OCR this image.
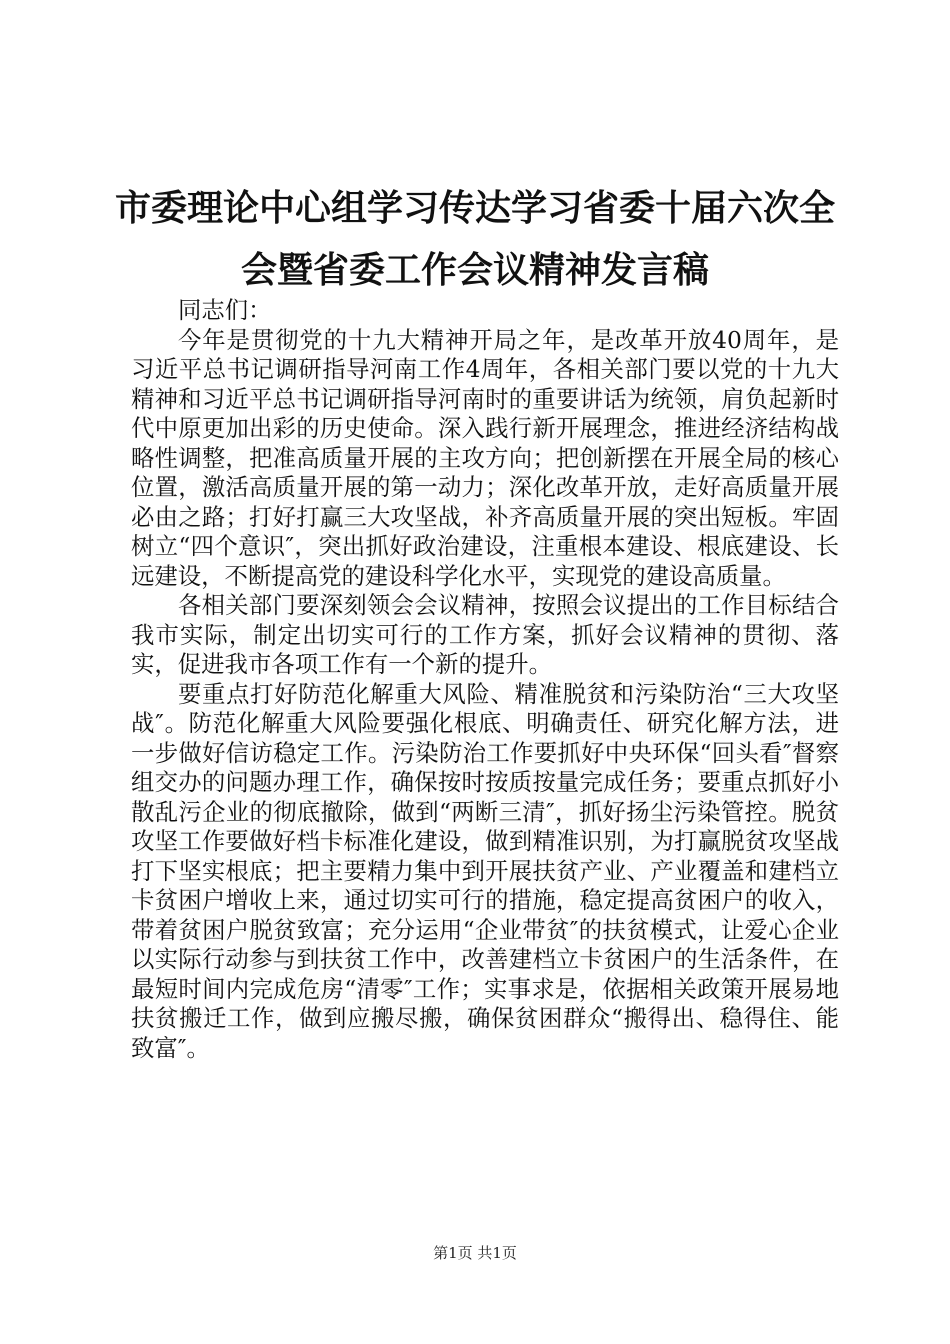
市委理论中心组学习传达学习省委十届六次全会暨省委工作会议精神发言稿

同志们：

今年是贯彻党的十九大精神开局之年，是改革开放40周年，是习近平总书记调研指导河南工作4周年，各相关部门要以党的十九大精神和习近平总书记调研指导河南时的重要讲话为统领，肩负起新时代中原更加出彩的历史使命。深入践行新开展理念，推进经济结构战略性调整，把准高质量开展的主攻方向；把创新摆在开展全局的核心位置，激活高质量开展的第一动力；深化改革开放，走好高质量开展必由之路；打好打赢三大攻坚战，补齐高质量开展的突出短板。牢固树立“四个意识″，突出抓好政治建设，注重根本建设、根底建设、长远建设，不断提高党的建设科学化水平，实现党的建设高质量。

各相关部门要深刻领会会议精神，按照会议提出的工作目标结合我市实际，制定出切实可行的工作方案，抓好会议精神的贯彻、落实，促进我市各项工作有一个新的提升。

要重点打好防范化解重大风险、精准脱贫和污染防治“三大攻坚战″。防范化解重大风险要强化根底、明确责任、研究化解方法，进一步做好信访稳定工作。污染防治工作要抓好中央环保“回头看″督察组交办的问题办理工作，确保按时按质按量完成任务；要重点抓好小散乱污企业的彻底撤除，做到“两断三清″，抓好扬尘污染管控。脱贫攻坚工作要做好档卡标准化建设，做到精准识别，为打赢脱贫攻坚战打下坚实根底；把主要精力集中到开展扶贫产业、产业覆盖和建档立卡贫困户增收上来，通过切实可行的措施，稳定提高贫困户的收入，带着贫困户脱贫致富；充分运用“企业带贫″的扶贫模式，让爱心企业以实际行动参与到扶贫工作中，改善建档立卡贫困户的生活条件，在最短时间内完成危房“清零″工作；实事求是，依据相关政策开展易地扶贫搬迁工作，做到应搬尽搬，确保贫困群众“搬得出、稳得住、能致富″。

第1页 共1页
